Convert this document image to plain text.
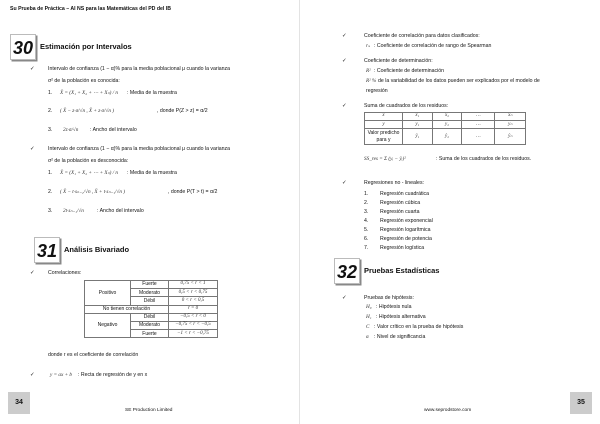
Su Prueba de Práctica – AI NS para las Matemáticas del PD del IB
30 Estimación por Intervalos
✓	Intervalo de confianza (1 − α)% para la media poblacional μ cuando la varianza
σ² de la población es conocida:
1. X̄ = (X₁ + X₂ + ⋯ + Xₙ) / n : Media de la muestra
2. ( X̄ − z·σ/√n , X̄ + z·σ/√n )	, donde P(Z > z) = α/2
3. 2z·σ/√n : Ancho del intervalo
✓	Intervalo de confianza (1 − α)% para la media poblacional μ cuando la varianza
σ² de la población es desconocida:
1. X̄ = (X₁ + X₂ + ⋯ + Xₙ) / n : Media de la muestra
2. ( X̄ − t·sₙ₋₁/√n , X̄ + t·sₙ₋₁/√n )	, donde P(T > t) = α/2
3. 2t·sₙ₋₁/√n	: Ancho del intervalo
31 Análisis Bivariado
✓	Correlaciones:
Positivo	Fuerte	0,75 < r < 1
	Moderato	0,5 < r < 0,75
	Débil	0 < r < 0,5
No tienen correlación		r = 0
Negativo	Débil	−0,5 < r < 0
	Moderato	−0,75 < r < −0,5
	Fuerte	−1 < r < −0,75
donde r es el coeficiente de correlación
✓	y = ax + b : Recta de regresión de y en x
34
SE Production Limited
✓	Coeficiente de correlación para datos clasificados:
rₛ : Coeficiente de correlación de rango de Spearman
✓	Coeficiente de determinación:
R² : Coeficiente de determinación
R² % de la variabilidad de los datos pueden ser explicados por el modelo de
regresión
✓	Suma de cuadrados de los residuos:
x	x₁	x₂	⋯	xₙ
y	y₁	y₂	⋯	yₙ

Valor predicho
para y	ŷ₁	ŷ₂	⋯	ŷₙ
SS_res = Σ (yᵢ − ŷᵢ)²	: Suma de los cuadrados de los residuos.
✓	Regresiones no - lineales:
1. Regresión cuadrática
2. Regresión cúbica
3. Regresión cuarta
4. Regresión exponencial
5. Regresión logarítmica
6. Regresión de potencia
7. Regresión logística
32 Pruebas Estadísticas
✓	Pruebas de hipótesis:
H₀ : Hipótesis nula
H₁ : Hipótesis alternativa
C : Valor crítico en la prueba de hipótesis
α : Nivel de significancia
35
www.seprodstore.com
